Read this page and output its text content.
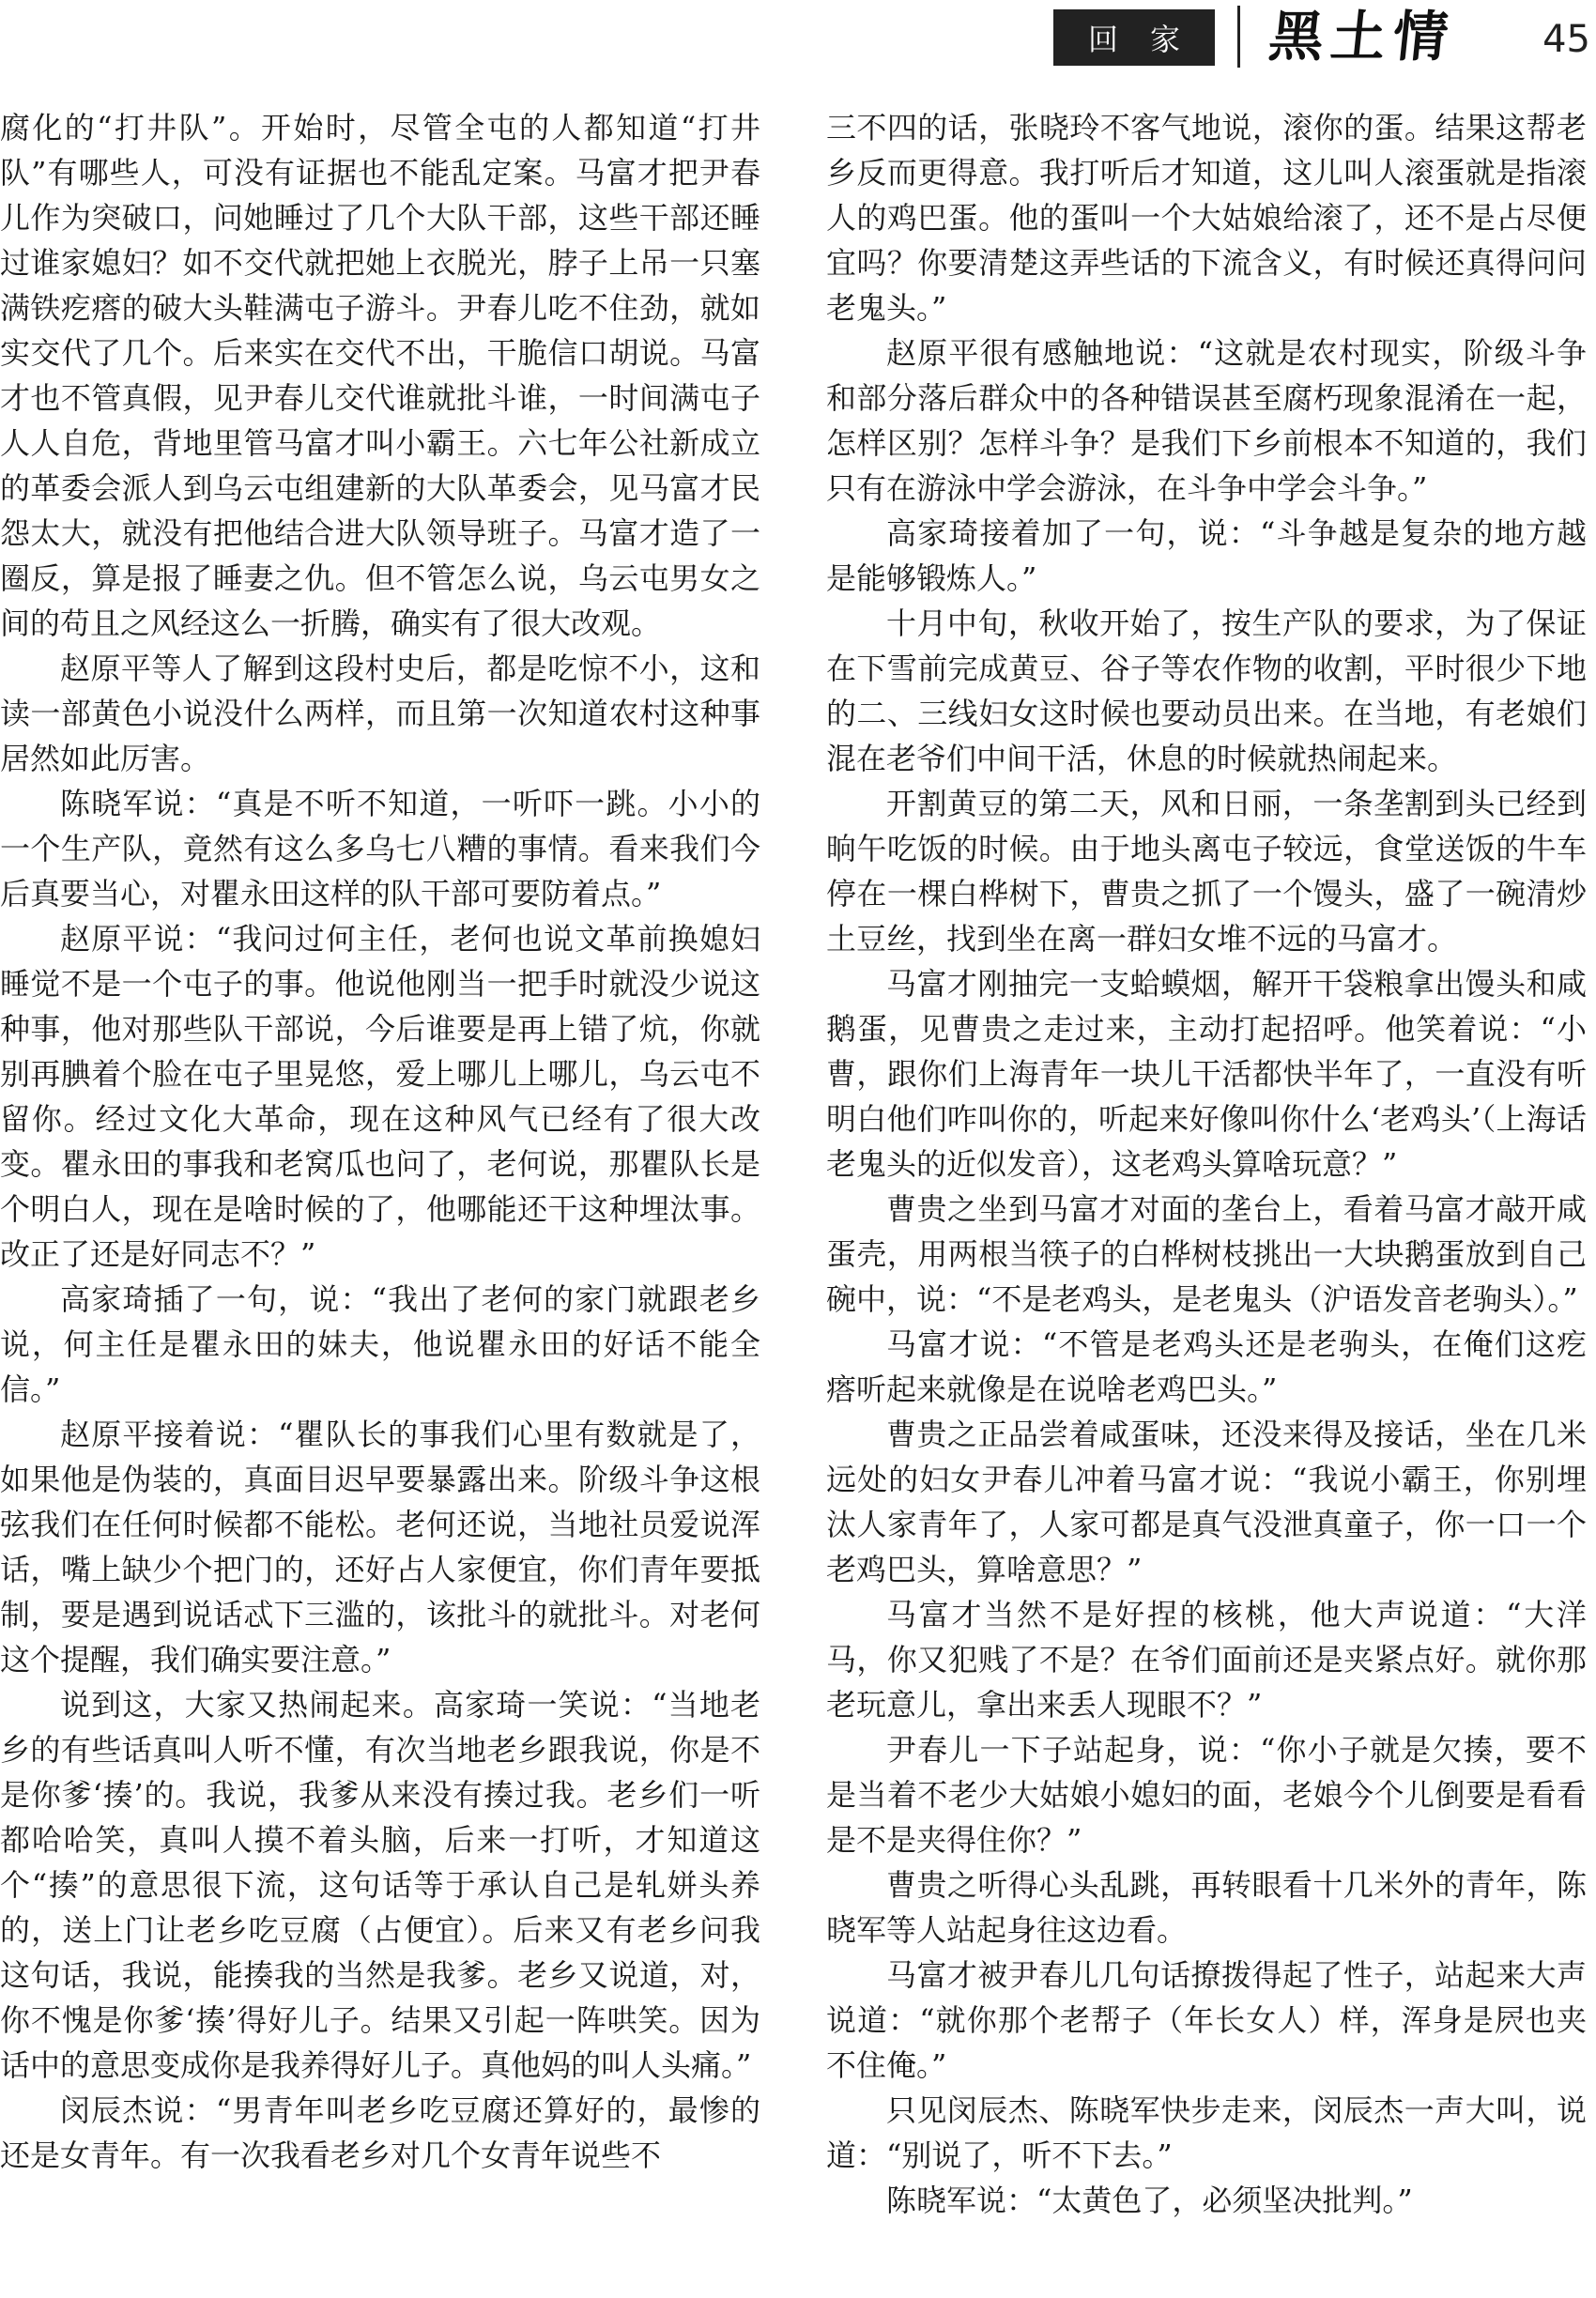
回家 黑土情	45

腐化的“打井队”。开始时，尽管全屯的人都知道“打井队”有哪些人，可没有证据也不能乱定案。马富才把尹春儿作为突破口，问她睡过了几个大队干部，这些干部还睡过谁家媳妇？如不交代就把她上衣脱光，脖子上吊一只塞满铁疙瘩的破大头鞋满屯子游斗。尹春儿吃不住劲，就如实交代了几个。后来实在交代不出，干脆信口胡说。马富才也不管真假，见尹春儿交代谁就批斗谁，一时间满屯子人人自危，背地里管马富才叫小霸王。六七年公社新成立的革委会派人到乌云屯组建新的大队革委会，见马富才民怨太大，就没有把他结合进大队领导班子。马富才造了一圈反，算是报了睡妻之仇。但不管怎么说，乌云屯男女之间的苟且之风经这么一折腾，确实有了很大改观。

赵原平等人了解到这段村史后，都是吃惊不小，这和读一部黄色小说没什么两样，而且第一次知道农村这种事居然如此厉害。

陈晓军说：“真是不听不知道，一听吓一跳。小小的一个生产队，竟然有这么多乌七八糟的事情。看来我们今后真要当心，对瞿永田这样的队干部可要防着点。”

赵原平说：“我问过何主任，老何也说文革前换媳妇睡觉不是一个屯子的事。他说他刚当一把手时就没少说这种事，他对那些队干部说，今后谁要是再上错了炕，你就别再腆着个脸在屯子里晃悠，爱上哪儿上哪儿，乌云屯不留你。经过文化大革命，现在这种风气已经有了很大改变。瞿永田的事我和老窝瓜也问了，老何说，那瞿队长是个明白人，现在是啥时候的了，他哪能还干这种埋汰事。改正了还是好同志不？”

高家琦插了一句，说：“我出了老何的家门就跟老乡说，何主任是瞿永田的妹夫，他说瞿永田的好话不能全信。”

赵原平接着说：“瞿队长的事我们心里有数就是了，如果他是伪装的，真面目迟早要暴露出来。阶级斗争这根弦我们在任何时候都不能松。老何还说，当地社员爱说浑话，嘴上缺少个把门的，还好占人家便宜，你们青年要抵制，要是遇到说话忒下三滥的，该批斗的就批斗。对老何这个提醒，我们确实要注意。”

说到这，大家又热闹起来。高家琦一笑说：“当地老乡的有些话真叫人听不懂，有次当地老乡跟我说，你是不是你爹‘揍’的。我说，我爹从来没有揍过我。老乡们一听都哈哈笑，真叫人摸不着头脑，后来一打听，才知道这个“揍”的意思很下流，这句话等于承认自己是轧姘头养的，送上门让老乡吃豆腐（占便宜）。后来又有老乡问我这句话，我说，能揍我的当然是我爹。老乡又说道，对，你不愧是你爹‘揍’得好儿子。结果又引起一阵哄笑。因为话中的意思变成你是我养得好儿子。真他妈的叫人头痛。”

闵辰杰说：“男青年叫老乡吃豆腐还算好的，最惨的还是女青年。有一次我看老乡对几个女青年说些不

三不四的话，张晓玲不客气地说，滚你的蛋。结果这帮老乡反而更得意。我打听后才知道，这儿叫人滚蛋就是指滚人的鸡巴蛋。他的蛋叫一个大姑娘给滚了，还不是占尽便宜吗？你要清楚这弄些话的下流含义，有时候还真得问问老鬼头。”

赵原平很有感触地说：“这就是农村现实，阶级斗争和部分落后群众中的各种错误甚至腐朽现象混淆在一起，怎样区别？怎样斗争？是我们下乡前根本不知道的，我们只有在游泳中学会游泳，在斗争中学会斗争。”

高家琦接着加了一句，说：“斗争越是复杂的地方越是能够锻炼人。”

十月中旬，秋收开始了，按生产队的要求，为了保证在下雪前完成黄豆、谷子等农作物的收割，平时很少下地的二、三线妇女这时候也要动员出来。在当地，有老娘们混在老爷们中间干活，休息的时候就热闹起来。

开割黄豆的第二天，风和日丽，一条垄割到头已经到晌午吃饭的时候。由于地头离屯子较远，食堂送饭的牛车停在一棵白桦树下，曹贵之抓了一个馒头，盛了一碗清炒土豆丝，找到坐在离一群妇女堆不远的马富才。

马富才刚抽完一支蛤蟆烟，解开干袋粮拿出馒头和咸鹅蛋，见曹贵之走过来，主动打起招呼。他笑着说：“小曹，跟你们上海青年一块儿干活都快半年了，一直没有听明白他们咋叫你的，听起来好像叫你什么‘老鸡头’（上海话老鬼头的近似发音），这老鸡头算啥玩意？”

曹贵之坐到马富才对面的垄台上，看着马富才敲开咸蛋壳，用两根当筷子的白桦树枝挑出一大块鹅蛋放到自己碗中，说：“不是老鸡头，是老鬼头（沪语发音老驹头）。”

马富才说：“不管是老鸡头还是老驹头，在俺们这疙瘩听起来就像是在说啥老鸡巴头。”

曹贵之正品尝着咸蛋味，还没来得及接话，坐在几米远处的妇女尹春儿冲着马富才说：“我说小霸王，你别埋汰人家青年了，人家可都是真气没泄真童子，你一口一个老鸡巴头，算啥意思？”

马富才当然不是好捏的核桃，他大声说道：“大洋马，你又犯贱了不是？在爷们面前还是夹紧点好。就你那老玩意儿，拿出来丢人现眼不？”

尹春儿一下子站起身，说：“你小子就是欠揍，要不是当着不老少大姑娘小媳妇的面，老娘今个儿倒要是看看是不是夹得住你？”

曹贵之听得心头乱跳，再转眼看十几米外的青年，陈晓军等人站起身往这边看。

马富才被尹春儿几句话撩拨得起了性子，站起来大声说道：“就你那个老帮子（年长女人）样，浑身是屄也夹不住俺。”

只见闵辰杰、陈晓军快步走来，闵辰杰一声大叫，说道：“别说了，听不下去。”

陈晓军说：“太黄色了，必须坚决批判。”
